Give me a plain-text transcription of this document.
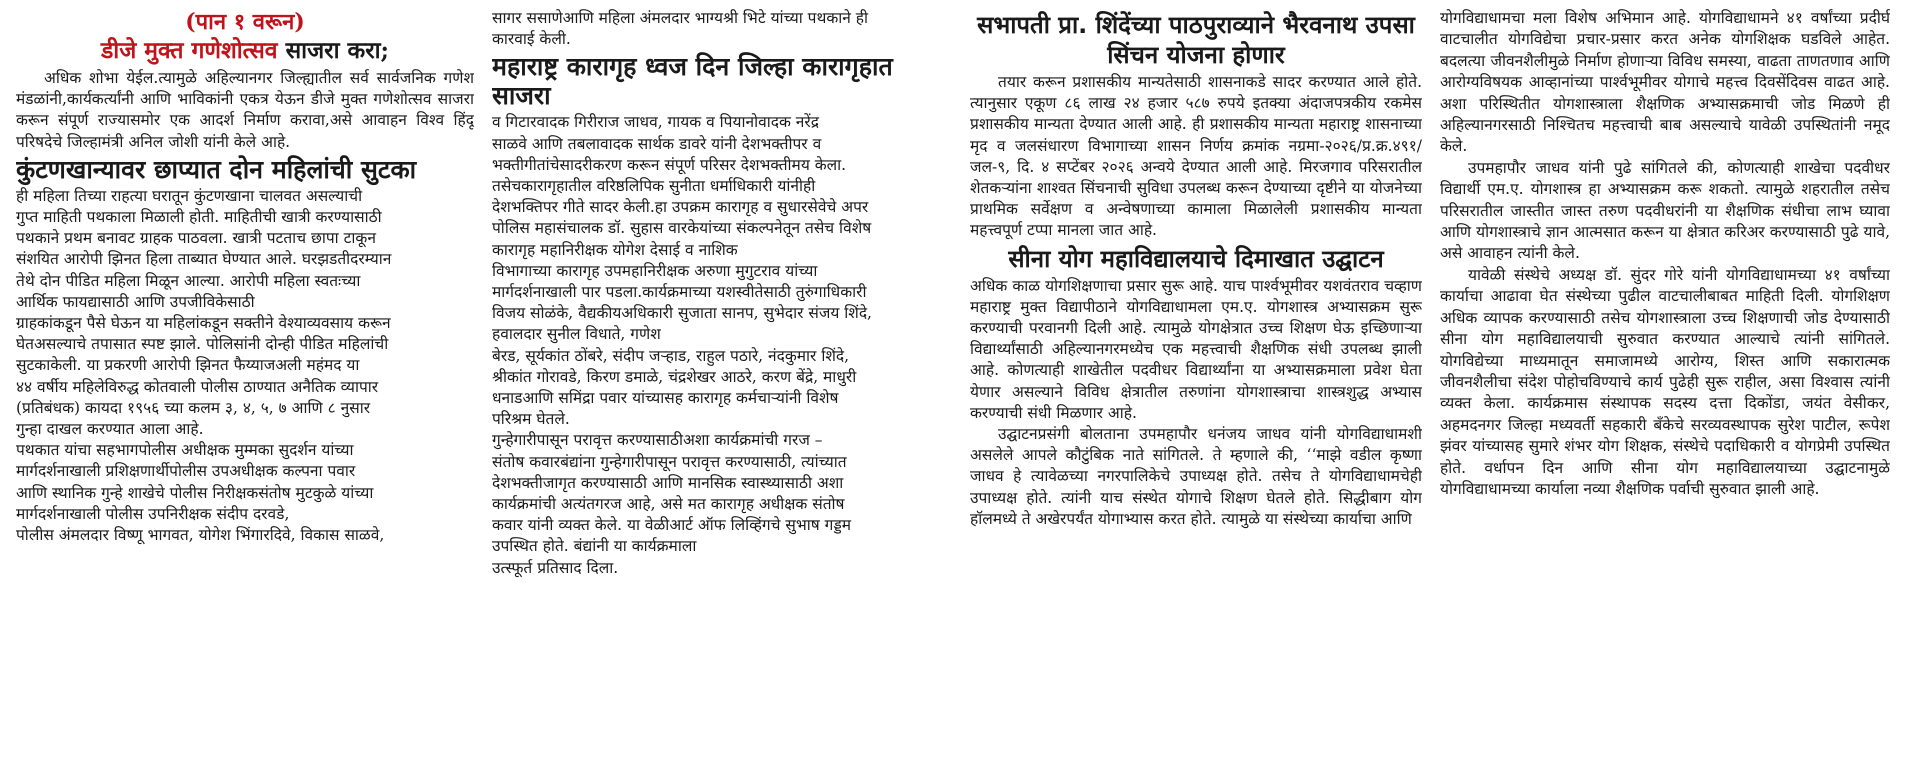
(पान १ वरून)

डीजे मुक्त गणेशोत्सव साजरा करा;

अधिक शोभा येईल.त्यामुळे अहिल्यानगर जिल्ह्यातील सर्व सार्वजनिक गणेश मंडळांनी,कार्यकर्त्यांनी आणि भाविकांनी एकत्र येऊन डीजे मुक्त गणेशोत्सव साजरा करून संपूर्ण राज्यासमोर एक आदर्श निर्माण करावा,असे आवाहन विश्व हिंदू परिषदेचे जिल्हामंत्री अनिल जोशी यांनी केले आहे.

कुंटणखान्यावर छाप्यात दोन महिलांची सुटका

ही महिला तिच्या राहत्या घरातून कुंटणखाना चालवत असल्याची

गुप्त माहिती पथकाला मिळाली होती. माहितीची खात्री करण्यासाठी

पथकाने प्रथम बनावट ग्राहक पाठवला. खात्री पटताच छापा टाकून

संशयित आरोपी झिनत हिला ताब्यात घेण्यात आले. घरझडतीदरम्यान

तेथे दोन पीडित महिला मिळून आल्या. आरोपी महिला स्वतःच्या

आर्थिक फायद्यासाठी आणि उपजीविकेसाठी

ग्राहकांकडून पैसे घेऊन या महिलांकडून सक्तीने वेश्याव्यवसाय करून

घेतअसल्याचे तपासात स्पष्ट झाले. पोलिसांनी दोन्ही पीडित महिलांची

सुटकाकेली. या प्रकरणी आरोपी झिनत फैय्याजअली महंमद या

४४ वर्षीय महिलेविरुद्ध कोतवाली पोलीस ठाण्यात अनैतिक व्यापार

(प्रतिबंधक) कायदा १९५६ च्या कलम ३, ४, ५, ७ आणि ८ नुसार

गुन्हा दाखल करण्यात आला आहे.

पथकात यांचा सहभागपोलीस अधीक्षक मुम्मका सुदर्शन यांच्या

मार्गदर्शनाखाली प्रशिक्षणार्थीपोलीस उपअधीक्षक कल्पना पवार

आणि स्थानिक गुन्हे शाखेचे पोलीस निरीक्षकसंतोष मुटकुळे यांच्या

मार्गदर्शनाखाली पोलीस उपनिरीक्षक संदीप दरवडे,

पोलीस अंमलदार विष्णू भागवत, योगेश भिंगारदिवे, विकास साळवे,

सागर ससाणेआणि महिला अंमलदार भाग्यश्री भिटे यांच्या पथकाने ही

कारवाई केली.

महाराष्ट्र कारागृह ध्वज दिन जिल्हा कारागृहात साजरा

व गिटारवादक गिरीराज जाधव, गायक व पियानोवादक नरेंद्र

साळवे आणि तबलावादक सार्थक डावरे यांनी देशभक्तीपर व

भक्तीगीतांचेसादरीकरण करून संपूर्ण परिसर देशभक्तीमय केला.

तसेचकारागृहातील वरिष्ठलिपिक सुनीता धर्माधिकारी यांनीही

देशभक्तिपर गीते सादर केली.हा उपक्रम कारागृह व सुधारसेवेचे अपर

पोलिस महासंचालक डॉ. सुहास वारकेयांच्या संकल्पनेतून तसेच विशेष

कारागृह महानिरीक्षक योगेश देसाई व नाशिक

विभागाच्या कारागृह उपमहानिरीक्षक अरुणा मुगुटराव यांच्या

मार्गदर्शनाखाली पार पडला.कार्यक्रमाच्या यशस्वीतेसाठी तुरुंगाधिकारी

विजय सोळंके, वैद्यकीयअधिकारी सुजाता सानप, सुभेदार संजय शिंदे,

हवालदार सुनील विधाते, गणेश

बेरड, सूर्यकांत ठोंबरे, संदीप जऱ्हाड, राहुल पठारे, नंदकुमार शिंदे,

श्रीकांत गोरावडे, किरण डमाळे, चंद्रशेखर आठरे, करण बेंद्रे, माधुरी

धनाडआणि समिंद्रा पवार यांच्यासह कारागृह कर्मचाऱ्यांनी विशेष

परिश्रम घेतले.

गुन्हेगारीपासून परावृत्त करण्यासाठीअशा कार्यक्रमांची गरज –

संतोष कवारबंद्यांना गुन्हेगारीपासून परावृत्त करण्यासाठी, त्यांच्यात

देशभक्तीजागृत करण्यासाठी आणि मानसिक स्वास्थ्यासाठी अशा

कार्यक्रमांची अत्यंतगरज आहे, असे मत कारागृह अधीक्षक संतोष

कवार यांनी व्यक्त केले. या वेळीआर्ट ऑफ लिव्हिंगचे सुभाष गड्डम

उपस्थित होते. बंद्यांनी या कार्यक्रमाला

उत्स्फूर्त प्रतिसाद दिला.

सभापती प्रा. शिंदेंच्या पाठपुराव्याने भैरवनाथ उपसा सिंचन योजना होणार

तयार करून प्रशासकीय मान्यतेसाठी शासनाकडे सादर करण्यात आले होते. त्यानुसार एकूण ८६ लाख २४ हजार ५८७ रुपये इतक्या अंदाजपत्रकीय रकमेस प्रशासकीय मान्यता देण्यात आली आहे. ही प्रशासकीय मान्यता महाराष्ट्र शासनाच्या मृद व जलसंधारण विभागाच्या शासन निर्णय क्रमांक नग्रमा-२०२६/प्र.क्र.४९१/जल-९, दि. ४ सप्टेंबर २०२६ अन्वये देण्यात आली आहे. मिरजगाव परिसरातील शेतकऱ्यांना शाश्वत सिंचनाची सुविधा उपलब्ध करून देण्याच्या दृष्टीने या योजनेच्या प्राथमिक सर्वेक्षण व अन्वेषणाच्या कामाला मिळालेली प्रशासकीय मान्यता महत्त्वपूर्ण टप्पा मानला जात आहे.

सीना योग महाविद्यालयाचे दिमाखात उद्घाटन

अधिक काळ योगशिक्षणाचा प्रसार सुरू आहे. याच पार्श्वभूमीवर यशवंतराव चव्हाण महाराष्ट्र मुक्त विद्यापीठाने योगविद्याधामला एम.ए. योगशास्त्र अभ्यासक्रम सुरू करण्याची परवानगी दिली आहे. त्यामुळे योगक्षेत्रात उच्च शिक्षण घेऊ इच्छिणाऱ्या विद्यार्थ्यांसाठी अहिल्यानगरमध्येच एक महत्त्वाची शैक्षणिक संधी उपलब्ध झाली आहे. कोणत्याही शाखेतील पदवीधर विद्यार्थ्यांना या अभ्यासक्रमाला प्रवेश घेता येणार असल्याने विविध क्षेत्रातील तरुणांना योगशास्त्राचा शास्त्रशुद्ध अभ्यास करण्याची संधी मिळणार आहे.

उद्घाटनप्रसंगी बोलताना उपमहापौर धनंजय जाधव यांनी योगविद्याधामशी असलेले आपले कौटुंबिक नाते सांगितले. ते म्हणाले की, ‘‘माझे वडील कृष्णा जाधव हे त्यावेळच्या नगरपालिकेचे उपाध्यक्ष होते. तसेच ते योगविद्याधामचेही उपाध्यक्ष होते. त्यांनी याच संस्थेत योगाचे शिक्षण घेतले होते. सिद्धीबाग योग हॉलमध्ये ते अखेरपर्यंत योगाभ्यास करत होते. त्यामुळे या संस्थेच्या कार्याचा आणि

योगविद्याधामचा मला विशेष अभिमान आहे. योगविद्याधामने ४१ वर्षांच्या प्रदीर्घ वाटचालीत योगविद्येचा प्रचार-प्रसार करत अनेक योगशिक्षक घडविले आहेत. बदलत्या जीवनशैलीमुळे निर्माण होणाऱ्या विविध समस्या, वाढता ताणतणाव आणि आरोग्यविषयक आव्हानांच्या पार्श्वभूमीवर योगाचे महत्त्व दिवसेंदिवस वाढत आहे. अशा परिस्थितीत योगशास्त्राला शैक्षणिक अभ्यासक्रमाची जोड मिळणे ही अहिल्यानगरसाठी निश्चितच महत्त्वाची बाब असल्याचे यावेळी उपस्थितांनी नमूद केले.

उपमहापौर जाधव यांनी पुढे सांगितले की, कोणत्याही शाखेचा पदवीधर विद्यार्थी एम.ए. योगशास्त्र हा अभ्यासक्रम करू शकतो. त्यामुळे शहरातील तसेच परिसरातील जास्तीत जास्त तरुण पदवीधरांनी या शैक्षणिक संधीचा लाभ घ्यावा आणि योगशास्त्राचे ज्ञान आत्मसात करून या क्षेत्रात करिअर करण्यासाठी पुढे यावे, असे आवाहन त्यांनी केले.

यावेळी संस्थेचे अध्यक्ष डॉ. सुंदर गोरे यांनी योगविद्याधामच्या ४१ वर्षांच्या कार्याचा आढावा घेत संस्थेच्या पुढील वाटचालीबाबत माहिती दिली. योगशिक्षण अधिक व्यापक करण्यासाठी तसेच योगशास्त्राला उच्च शिक्षणाची जोड देण्यासाठी सीना योग महाविद्यालयाची सुरुवात करण्यात आल्याचे त्यांनी सांगितले. योगविद्येच्या माध्यमातून समाजामध्ये आरोग्य, शिस्त आणि सकारात्मक जीवनशैलीचा संदेश पोहोचविण्याचे कार्य पुढेही सुरू राहील, असा विश्वास त्यांनी व्यक्त केला. कार्यक्रमास संस्थापक सदस्य दत्ता दिकोंडा, जयंत वेसीकर, अहमदनगर जिल्हा मध्यवर्ती सहकारी बँकेचे सरव्यवस्थापक सुरेश पाटील, रूपेश झंवर यांच्यासह सुमारे शंभर योग शिक्षक, संस्थेचे पदाधिकारी व योगप्रेमी उपस्थित होते. वर्धापन दिन आणि सीना योग महाविद्यालयाच्या उद्घाटनामुळे योगविद्याधामच्या कार्याला नव्या शैक्षणिक पर्वाची सुरुवात झाली आहे.
